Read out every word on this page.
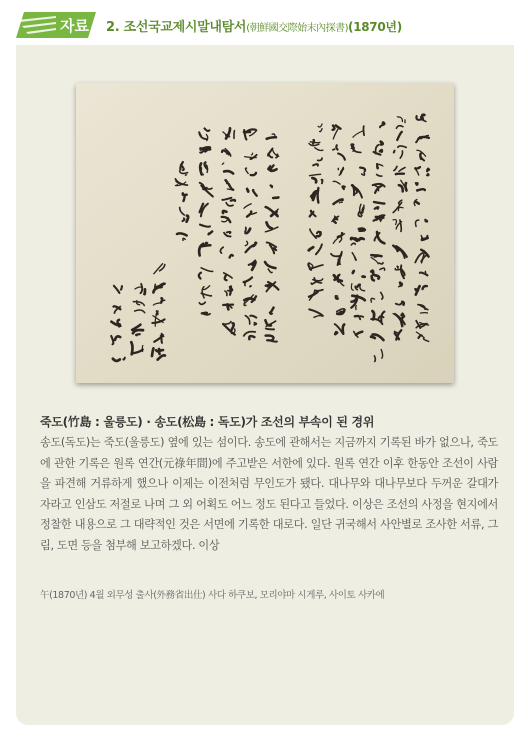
자료 2. 조선국교제시말내탐서(朝鮮國交際始末內探書)(1870년)
죽도(竹島 : 울릉도) · 송도(松島 : 독도)가 조선의 부속이 된 경위

송도(독도)는 죽도(울릉도) 옆에 있는 섬이다. 송도에 관해서는 지금까지 기록된 바가 없으나, 죽도에 관한 기록은 원록 연간(元祿年間)에 주고받은 서한에 있다. 원록 연간 이후 한동안 조선이 사람을 파견해 거류하게 했으나 이제는 이전처럼 무인도가 됐다. 대나무와 대나무보다 두꺼운 갈대가 자라고 인삼도 저절로 나며 그 외 어획도 어느 정도 된다고 들었다. 이상은 조선의 사정을 현지에서 정찰한 내용으로 그 대략적인 것은 서면에 기록한 대로다. 일단 귀국해서 사안별로 조사한 서류, 그림, 도면 등을 첨부해 보고하겠다. 이상

午(1870년) 4월 외무성 출사(外務省出仕) 사다 하쿠보, 모리야마 시게루, 사이토 사카에
